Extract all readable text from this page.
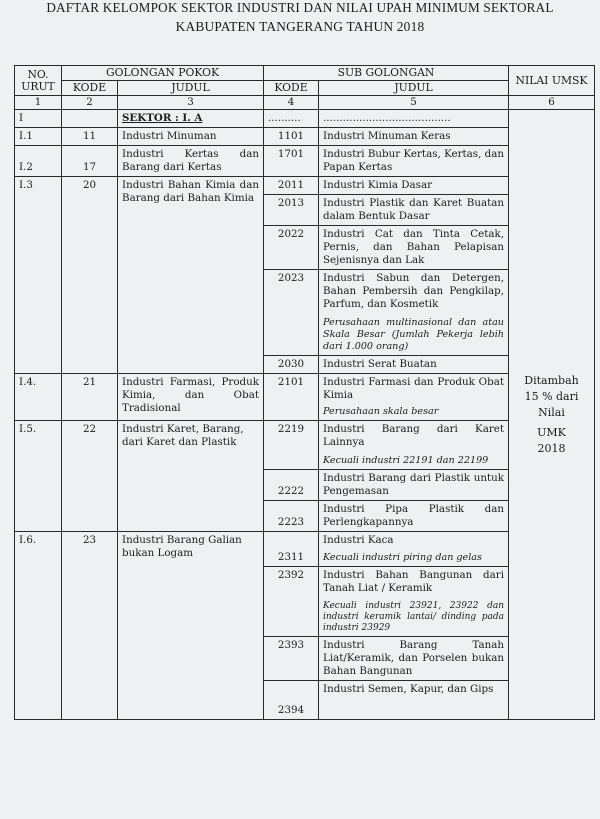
DAFTAR KELOMPOK SEKTOR INDUSTRI DAN NILAI UPAH MINIMUM SEKTORAL
KABUPATEN TANGERANG TAHUN 2018
NO. URUT	GOLONGAN POKOK		SUB GOLONGAN		NILAI UMSK
	KODE	JUDUL	KODE	JUDUL	
1	2	3	4	5	6
I		SEKTOR : I. A	..........	.......................................	Ditambah
15 % dari
Nilai
UMK
2018

I.1	11	Industri Minuman	1101	Industri Minuman Keras	
I.2	17	Industri Kertas dan Barang dari Kertas	1701	Industri Bubur Kertas, Kertas, dan Papan Kertas	
I.3	20	Industri Bahan Kimia dan Barang dari Bahan Kimia	2011	Industri Kimia Dasar	
			2013	Industri Plastik dan Karet Buatan dalam Bentuk Dasar	
			2022	Industri Cat dan Tinta Cetak, Pernis, dan Bahan Pelapisan Sejenisnya dan Lak	
			2023	Industri Sabun dan Detergen, Bahan Pembersih dan Pengkilap, Parfum, dan Kosmetik
Perusahaan multinasional dan atau Skala Besar (Jumlah Pekerja lebih dari 1.000 orang)	

			2030	Industri Serat Buatan	
I.4.	21	Industri Farmasi, Produk Kimia, dan Obat Tradisional	2101	Industri Farmasi dan Produk Obat Kimia
Perusahaan skala besar	

I.5.	22	Industri Karet, Barang, dari Karet dan Plastik	2219	Industri Barang dari Karet Lainnya
Kecuali industri 22191 dan 22199	

			2222	Industri Barang dari Plastik untuk Pengemasan	
			2223	Industri Pipa Plastik dan Perlengkapannya	
I.6.	23	Industri Barang Galian bukan Logam	2311	Industri Kaca
Kecuali industri piring dan gelas	

			2392	Industri Bahan Bangunan dari Tanah Liat / Keramik
Kecuali industri 23921, 23922 dan industri keramik lantai/ dinding pada industri 23929	

			2393	Industri Barang Tanah Liat/Keramik, dan Porselen bukan Bahan Bangunan	
			2394	Industri Semen, Kapur, dan Gips	
